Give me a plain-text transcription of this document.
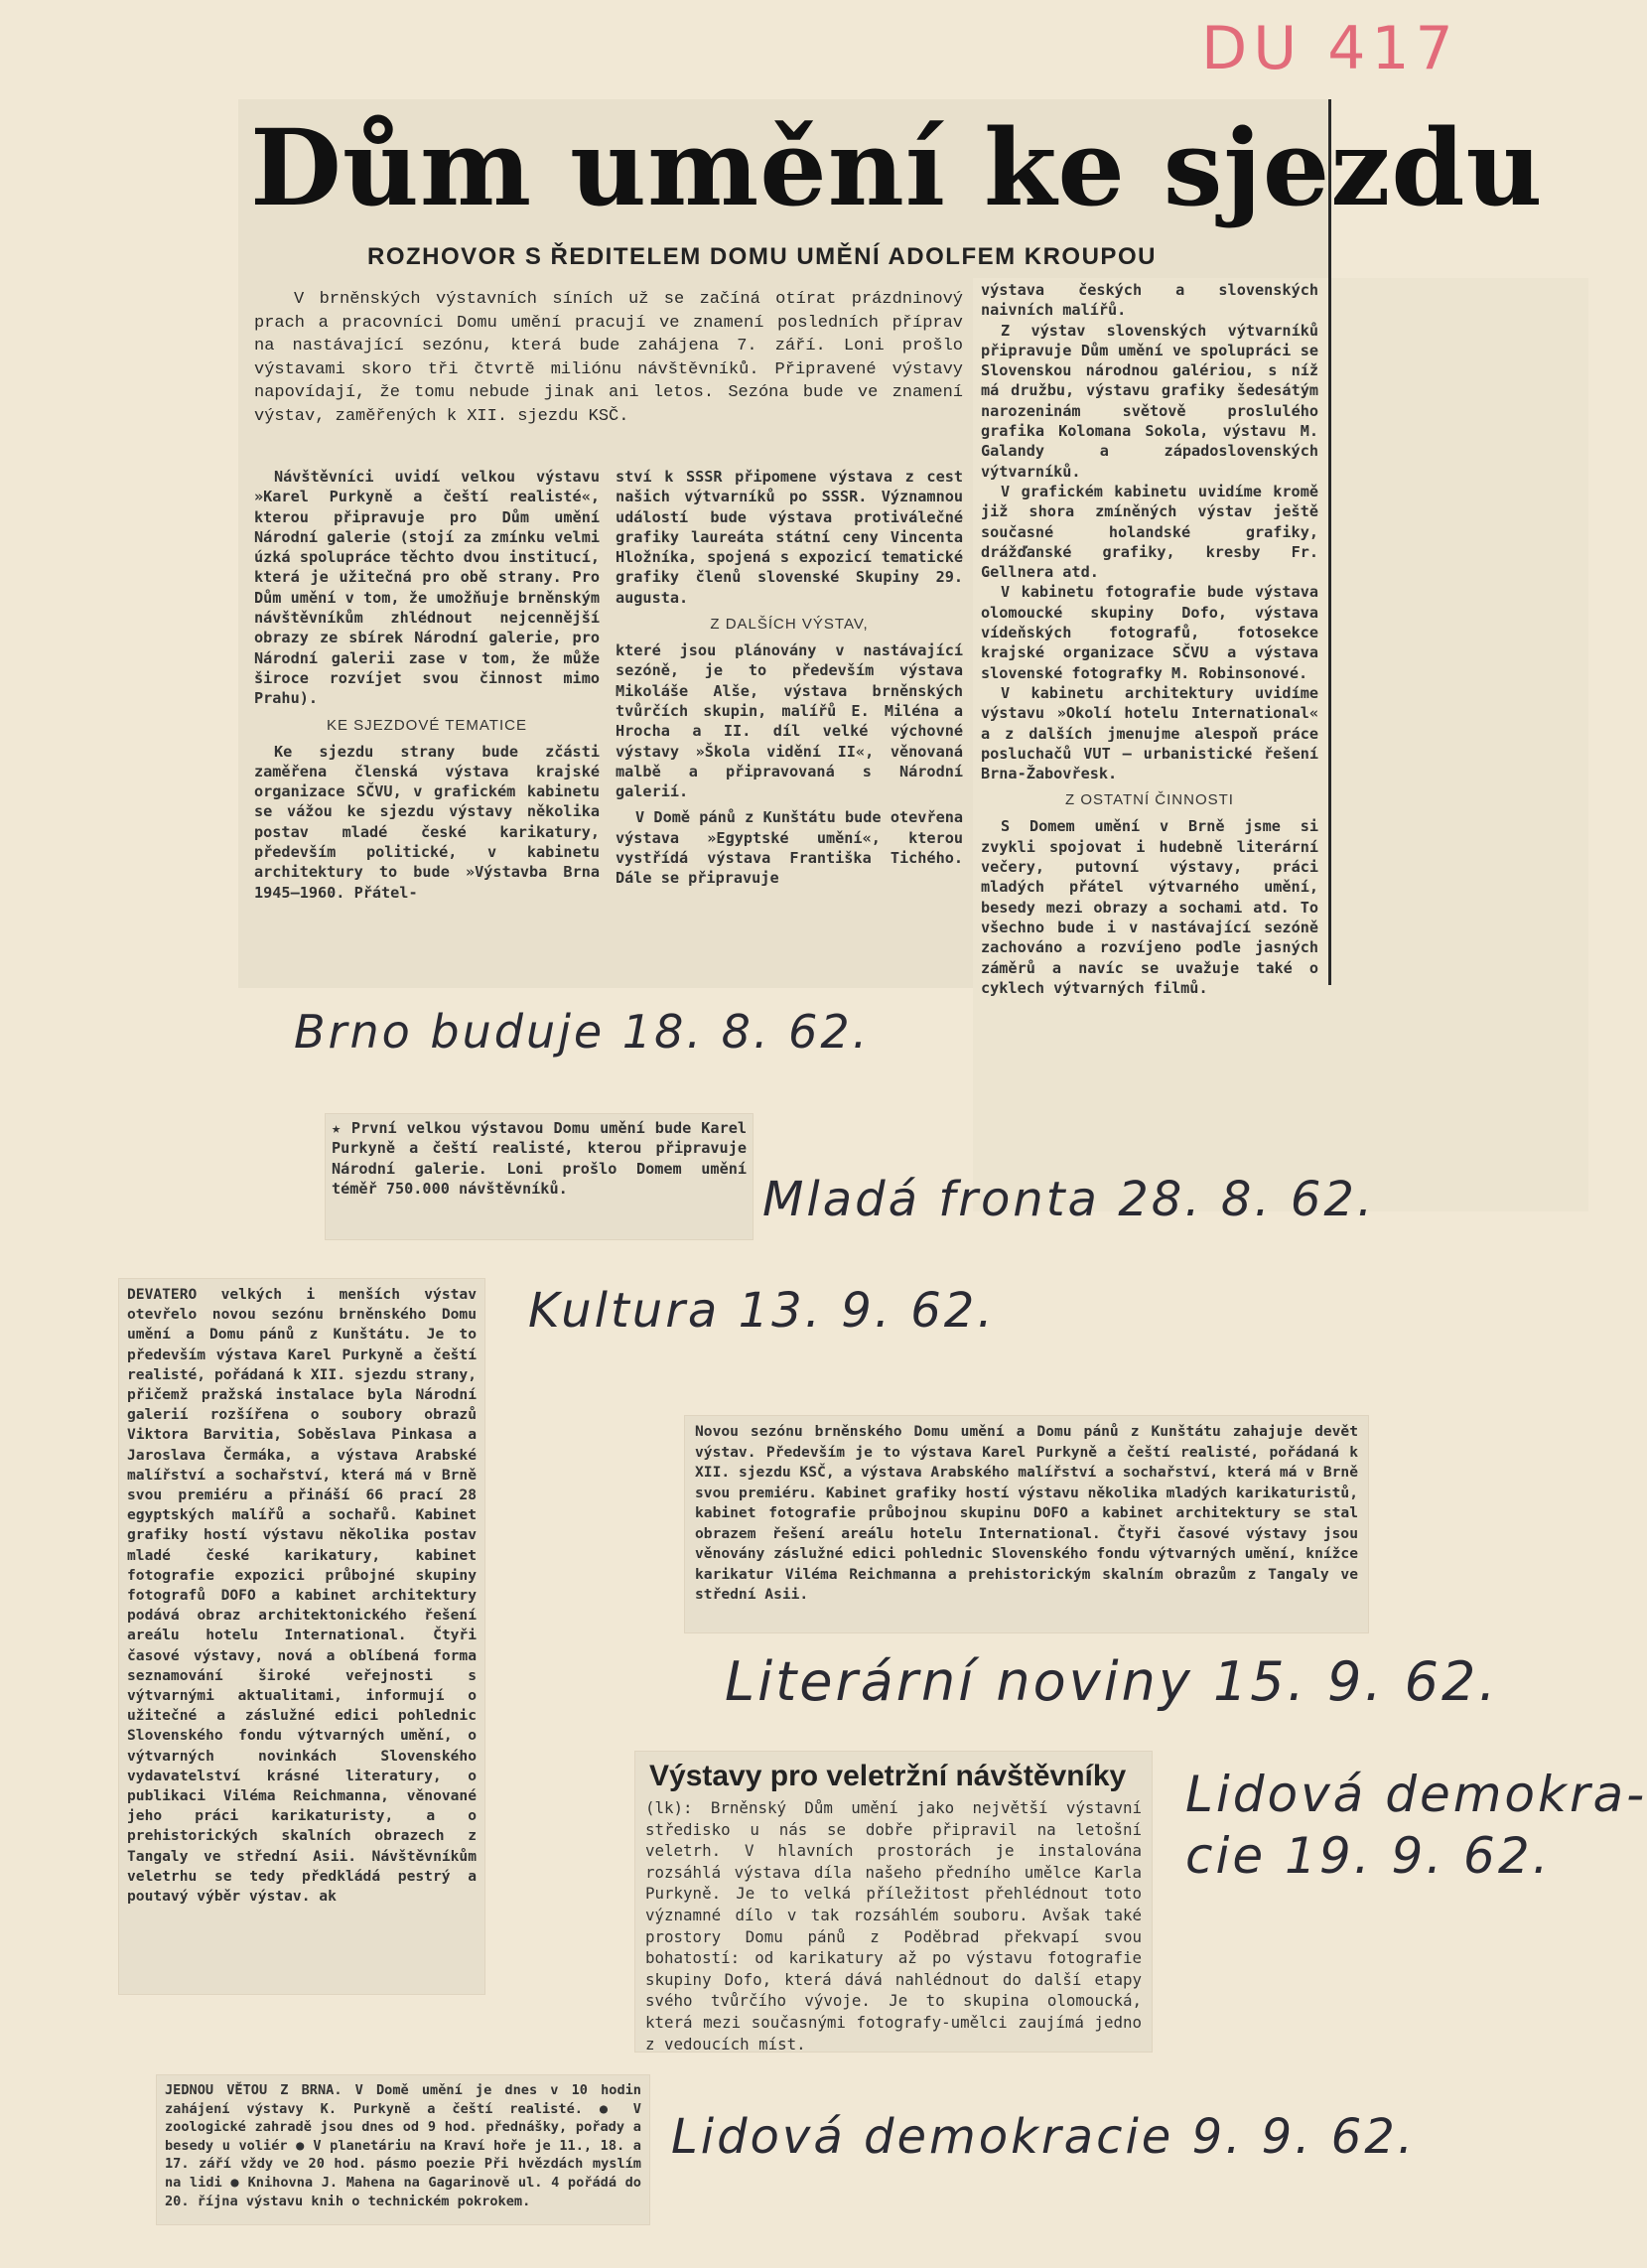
DU 417
Dům umění ke sjezdu
ROZHOVOR S ŘEDITELEM DOMU UMĚNÍ ADOLFEM KROUPOU

V brněnských výstavních síních už se začíná otírat prázdninový prach a pracovníci Domu umění pracují ve znamení posledních příprav na nastávající sezónu, která bude zahájena 7. září. Loni prošlo výstavami skoro tři čtvrtě miliónu návštěvníků. Připravené výstavy napovídají, že tomu nebude jinak ani letos. Sezóna bude ve znamení výstav, zaměřených k XII. sjezdu KSČ.

Návštěvníci uvidí velkou výstavu »Karel Purkyně a čeští realisté«, kterou připravuje pro Dům umění Národní galerie (stojí za zmínku velmi úzká spolupráce těchto dvou institucí, která je užitečná pro obě strany. Pro Dům umění v tom, že umožňuje brněnským návštěvníkům zhlédnout nejcennější obrazy ze sbírek Národní galerie, pro Národní galerii zase v tom, že může široce rozvíjet svou činnost mimo Prahu).

KE SJEZDOVÉ TEMATICE

Ke sjezdu strany bude zčásti zaměřena členská výstava krajské organizace SČVU, v grafickém kabinetu se vážou ke sjezdu výstavy několika postav mladé české karikatury, především politické, v kabinetu architektury to bude »Výstavba Brna 1945—1960. Přátel-

ství k SSSR připomene výstava z cest našich výtvarníků po SSSR. Významnou událostí bude výstava protiválečné grafiky laureáta státní ceny Vincenta Hložníka, spojená s expozicí tematické grafiky členů slovenské Skupiny 29. augusta.

Z DALŠÍCH VÝSTAV,

které jsou plánovány v nastávající sezóně, je to především výstava Mikoláše Alše, výstava brněnských tvůrčích skupin, malířů E. Miléna a Hrocha a II. díl velké výchovné výstavy »Škola vidění II«, věnovaná malbě a připravovaná s Národní galerií.

V Domě pánů z Kunštátu bude otevřena výstava »Egyptské umění«, kterou vystřídá výstava Františka Tichého. Dále se připravuje

výstava českých a slovenských naivních malířů.

Z výstav slovenských výtvarníků připravuje Dům umění ve spolupráci se Slovenskou národnou galériou, s níž má družbu, výstavu grafiky šedesátým narozeninám světově proslulého grafika Kolomana Sokola, výstavu M. Galandy a západoslovenských výtvarníků.

V grafickém kabinetu uvidíme kromě již shora zmíněných výstav ještě současné holandské grafiky, drážďanské grafiky, kresby Fr. Gellnera atd.

V kabinetu fotografie bude výstava olomoucké skupiny Dofo, výstava vídeňských fotografů, fotosekce krajské organizace SČVU a výstava slovenské fotografky M. Robinsonové.

V kabinetu architektury uvidíme výstavu »Okolí hotelu International« a z dalších jmenujme alespoň práce posluchačů VUT — urbanistické řešení Brna-Žabovřesk.

Z OSTATNÍ ČINNOSTI

S Domem umění v Brně jsme si zvykli spojovat i hudebně literární večery, putovní výstavy, práci mladých přátel výtvarného umění, besedy mezi obrazy a sochami atd. To všechno bude i v nastávající sezóně zachováno a rozvíjeno podle jasných záměrů a navíc se uvažuje také o cyklech výtvarných filmů.

Brno buduje 18. 8. 62.

★ První velkou výstavou Domu umění bude Karel Purkyně a čeští realisté, kterou připravuje Národní galerie. Loni prošlo Domem umění téměř 750.000 návštěvníků.	Mladá fronta 28. 8. 62.

DEVATERO velkých i menších výstav otevřelo novou sezónu brněnského Domu umění a Domu pánů z Kunštátu. Je to především výstava Karel Purkyně a čeští realisté, pořádaná k XII. sjezdu strany, přičemž pražská instalace byla Národní galerií rozšířena o soubory obrazů Viktora Barvitia, Soběslava Pinkasa a Jaroslava Čermáka, a výstava Arabské malířství a sochařství, která má v Brně svou premiéru a přináší 66 prací 28 egyptských malířů a sochařů. Kabinet grafiky hostí výstavu několika postav mladé české karikatury, kabinet fotografie expozici průbojné skupiny fotografů DOFO a kabinet architektury podává obraz architektonického řešení areálu hotelu International. Čtyři časové výstavy, nová a oblíbená forma seznamování široké veřejnosti s výtvarnými aktualitami, informují o užitečné a záslužné edici pohlednic Slovenského fondu výtvarných umění, o výtvarných novinkách Slovenského vydavatelství krásné literatury, o publikaci Viléma Reichmanna, věnované jeho práci karikaturisty, a o prehistorických skalních obrazech z Tangaly ve střední Asii. Návštěvníkům veletrhu se tedy předkládá pestrý a poutavý výběr výstav. ak

Kultura 13. 9. 62.

Novou sezónu brněnského Domu umění a Domu pánů z Kunštátu zahajuje devět výstav. Především je to výstava Karel Purkyně a čeští realisté, pořádaná k XII. sjezdu KSČ, a výstava Arabského malířství a sochařství, která má v Brně svou premiéru. Kabinet grafiky hostí výstavu několika mladých karikaturistů, kabinet fotografie průbojnou skupinu DOFO a kabinet architektury se stal obrazem řešení areálu hotelu International. Čtyři časové výstavy jsou věnovány záslužné edici pohlednic Slovenského fondu výtvarných umění, knížce karikatur Viléma Reichmanna a prehistorickým skalním obrazům z Tangaly ve střední Asii.

Literární noviny 15. 9. 62.
Výstavy pro veletržní návštěvníky

(lk): Brněnský Dům umění jako největší výstavní středisko u nás se dobře připravil na letošní veletrh. V hlavních prostorách je instalována rozsáhlá výstava díla našeho předního umělce Karla Purkyně. Je to velká příležitost přehlédnout toto významné dílo v tak rozsáhlém souboru. Avšak také prostory Domu pánů z Poděbrad překvapí svou bohatostí: od karikatury až po výstavu fotografie skupiny Dofo, která dává nahlédnout do další etapy svého tvůrčího vývoje. Je to skupina olomoucká, která mezi současnými fotografy-umělci zaujímá jedno z vedoucích míst.

Lidová demokra-
cie 19. 9. 62.

JEDNOU VĚTOU Z BRNA. V Domě umění je dnes v 10 hodin zahájení výstavy K. Purkyně a čeští realisté. ● V zoologické zahradě jsou dnes od 9 hod. přednášky, pořady a besedy u voliér ● V planetáriu na Kraví hoře je 11., 18. a 17. září vždy ve 20 hod. pásmo poezie Při hvězdách myslím na lidi ● Knihovna J. Mahena na Gagarinově ul. 4 pořádá do 20. října výstavu knih o technickém pokrokem.

Lidová demokracie 9. 9. 62.
